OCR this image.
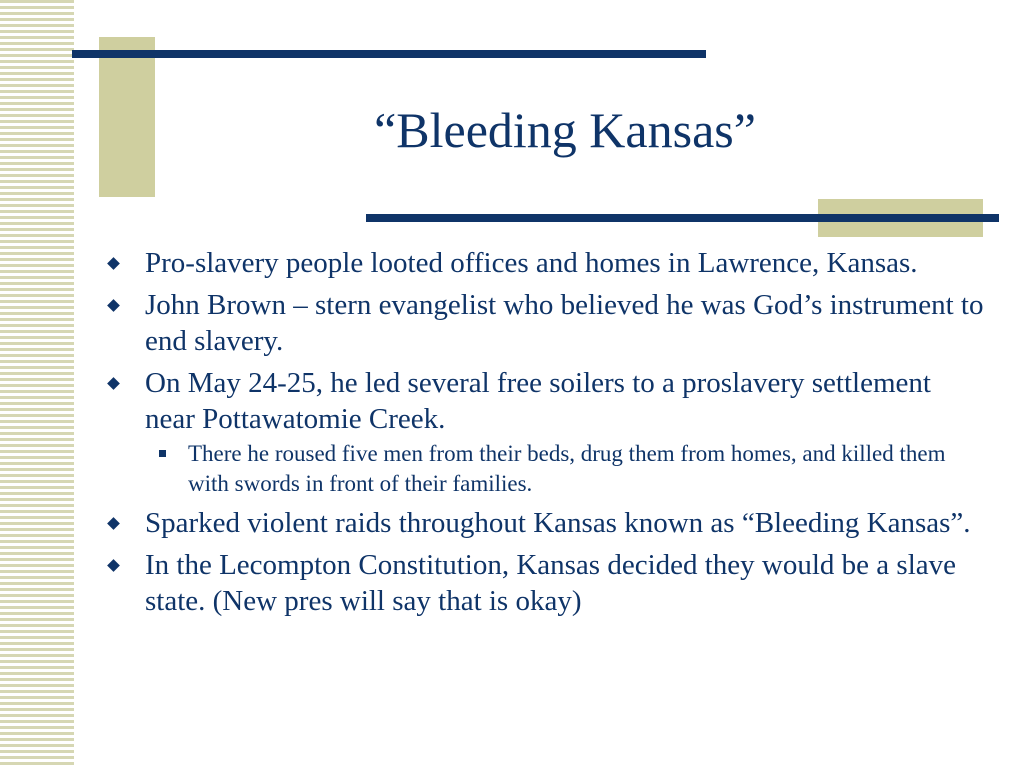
“Bleeding Kansas”
Pro-slavery people looted offices and homes in Lawrence, Kansas.
John Brown – stern evangelist who believed he was God’s instrument to end slavery.
On May 24-25, he led several free soilers to a proslavery settlement near Pottawatomie Creek.
There he roused five men from their beds, drug them from homes, and killed them with swords in front of their families.
Sparked violent raids throughout Kansas known as “Bleeding Kansas”.
In the Lecompton Constitution, Kansas decided they would be a slave state. (New pres will say that is okay)
